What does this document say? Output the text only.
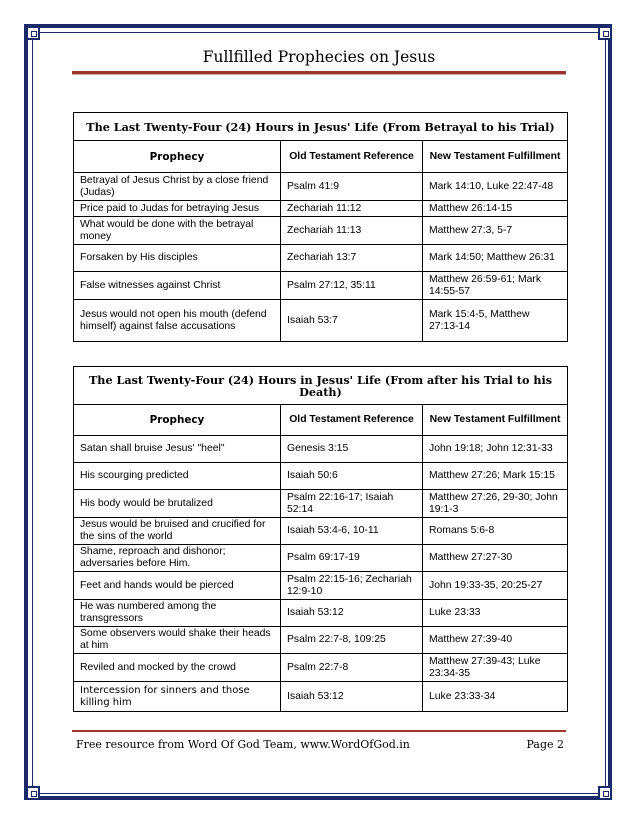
Fullfilled Prophecies on Jesus
The Last Twenty-Four (24) Hours in Jesus' Life (From Betrayal to his Trial)		
Prophecy	Old Testament Reference	New Testament Fulfillment
Betrayal of Jesus Christ by a close friend (Judas)	Psalm 41:9	Mark 14:10, Luke 22:47-48
Price paid to Judas for betraying Jesus	Zechariah 11:12	Matthew 26:14-15
What would be done with the betrayal money	Zechariah 11:13	Matthew 27:3, 5-7
Forsaken by His disciples	Zechariah 13:7	Mark 14:50; Matthew 26:31
False witnesses against Christ	Psalm 27:12, 35:11	Matthew 26:59-61; Mark 14:55-57
Jesus would not open his mouth (defend himself) against false accusations	Isaiah 53:7	Mark 15:4-5, Matthew 27:13-14
The Last Twenty-Four (24) Hours in Jesus' Life (From after his Trial to his Death)		
Prophecy	Old Testament Reference	New Testament Fulfillment
Satan shall bruise Jesus' "heel"	Genesis 3:15	John 19:18; John 12:31-33
His scourging predicted	Isaiah 50:6	Matthew 27:26; Mark 15:15
His body would be brutalized	Psalm 22:16-17; Isaiah 52:14	Matthew 27:26, 29-30; John 19:1-3
Jesus would be bruised and crucified for the sins of the world	Isaiah 53:4-6, 10-11	Romans 5:6-8
Shame, reproach and dishonor; adversaries before Him.	Psalm 69:17-19	Matthew 27:27-30
Feet and hands would be pierced	Psalm 22:15-16; Zechariah 12:9-10	John 19:33-35, 20:25-27
He was numbered among the transgressors	Isaiah 53:12	Luke 23:33
Some observers would shake their heads at him	Psalm 22:7-8, 109:25	Matthew 27:39-40
Reviled and mocked by the crowd	Psalm 22:7-8	Matthew 27:39-43; Luke 23:34-35
Intercession for sinners and those killing him	Isaiah 53:12	Luke 23:33-34
Free resource from Word Of God Team, www.WordOfGod.in	Page 2
